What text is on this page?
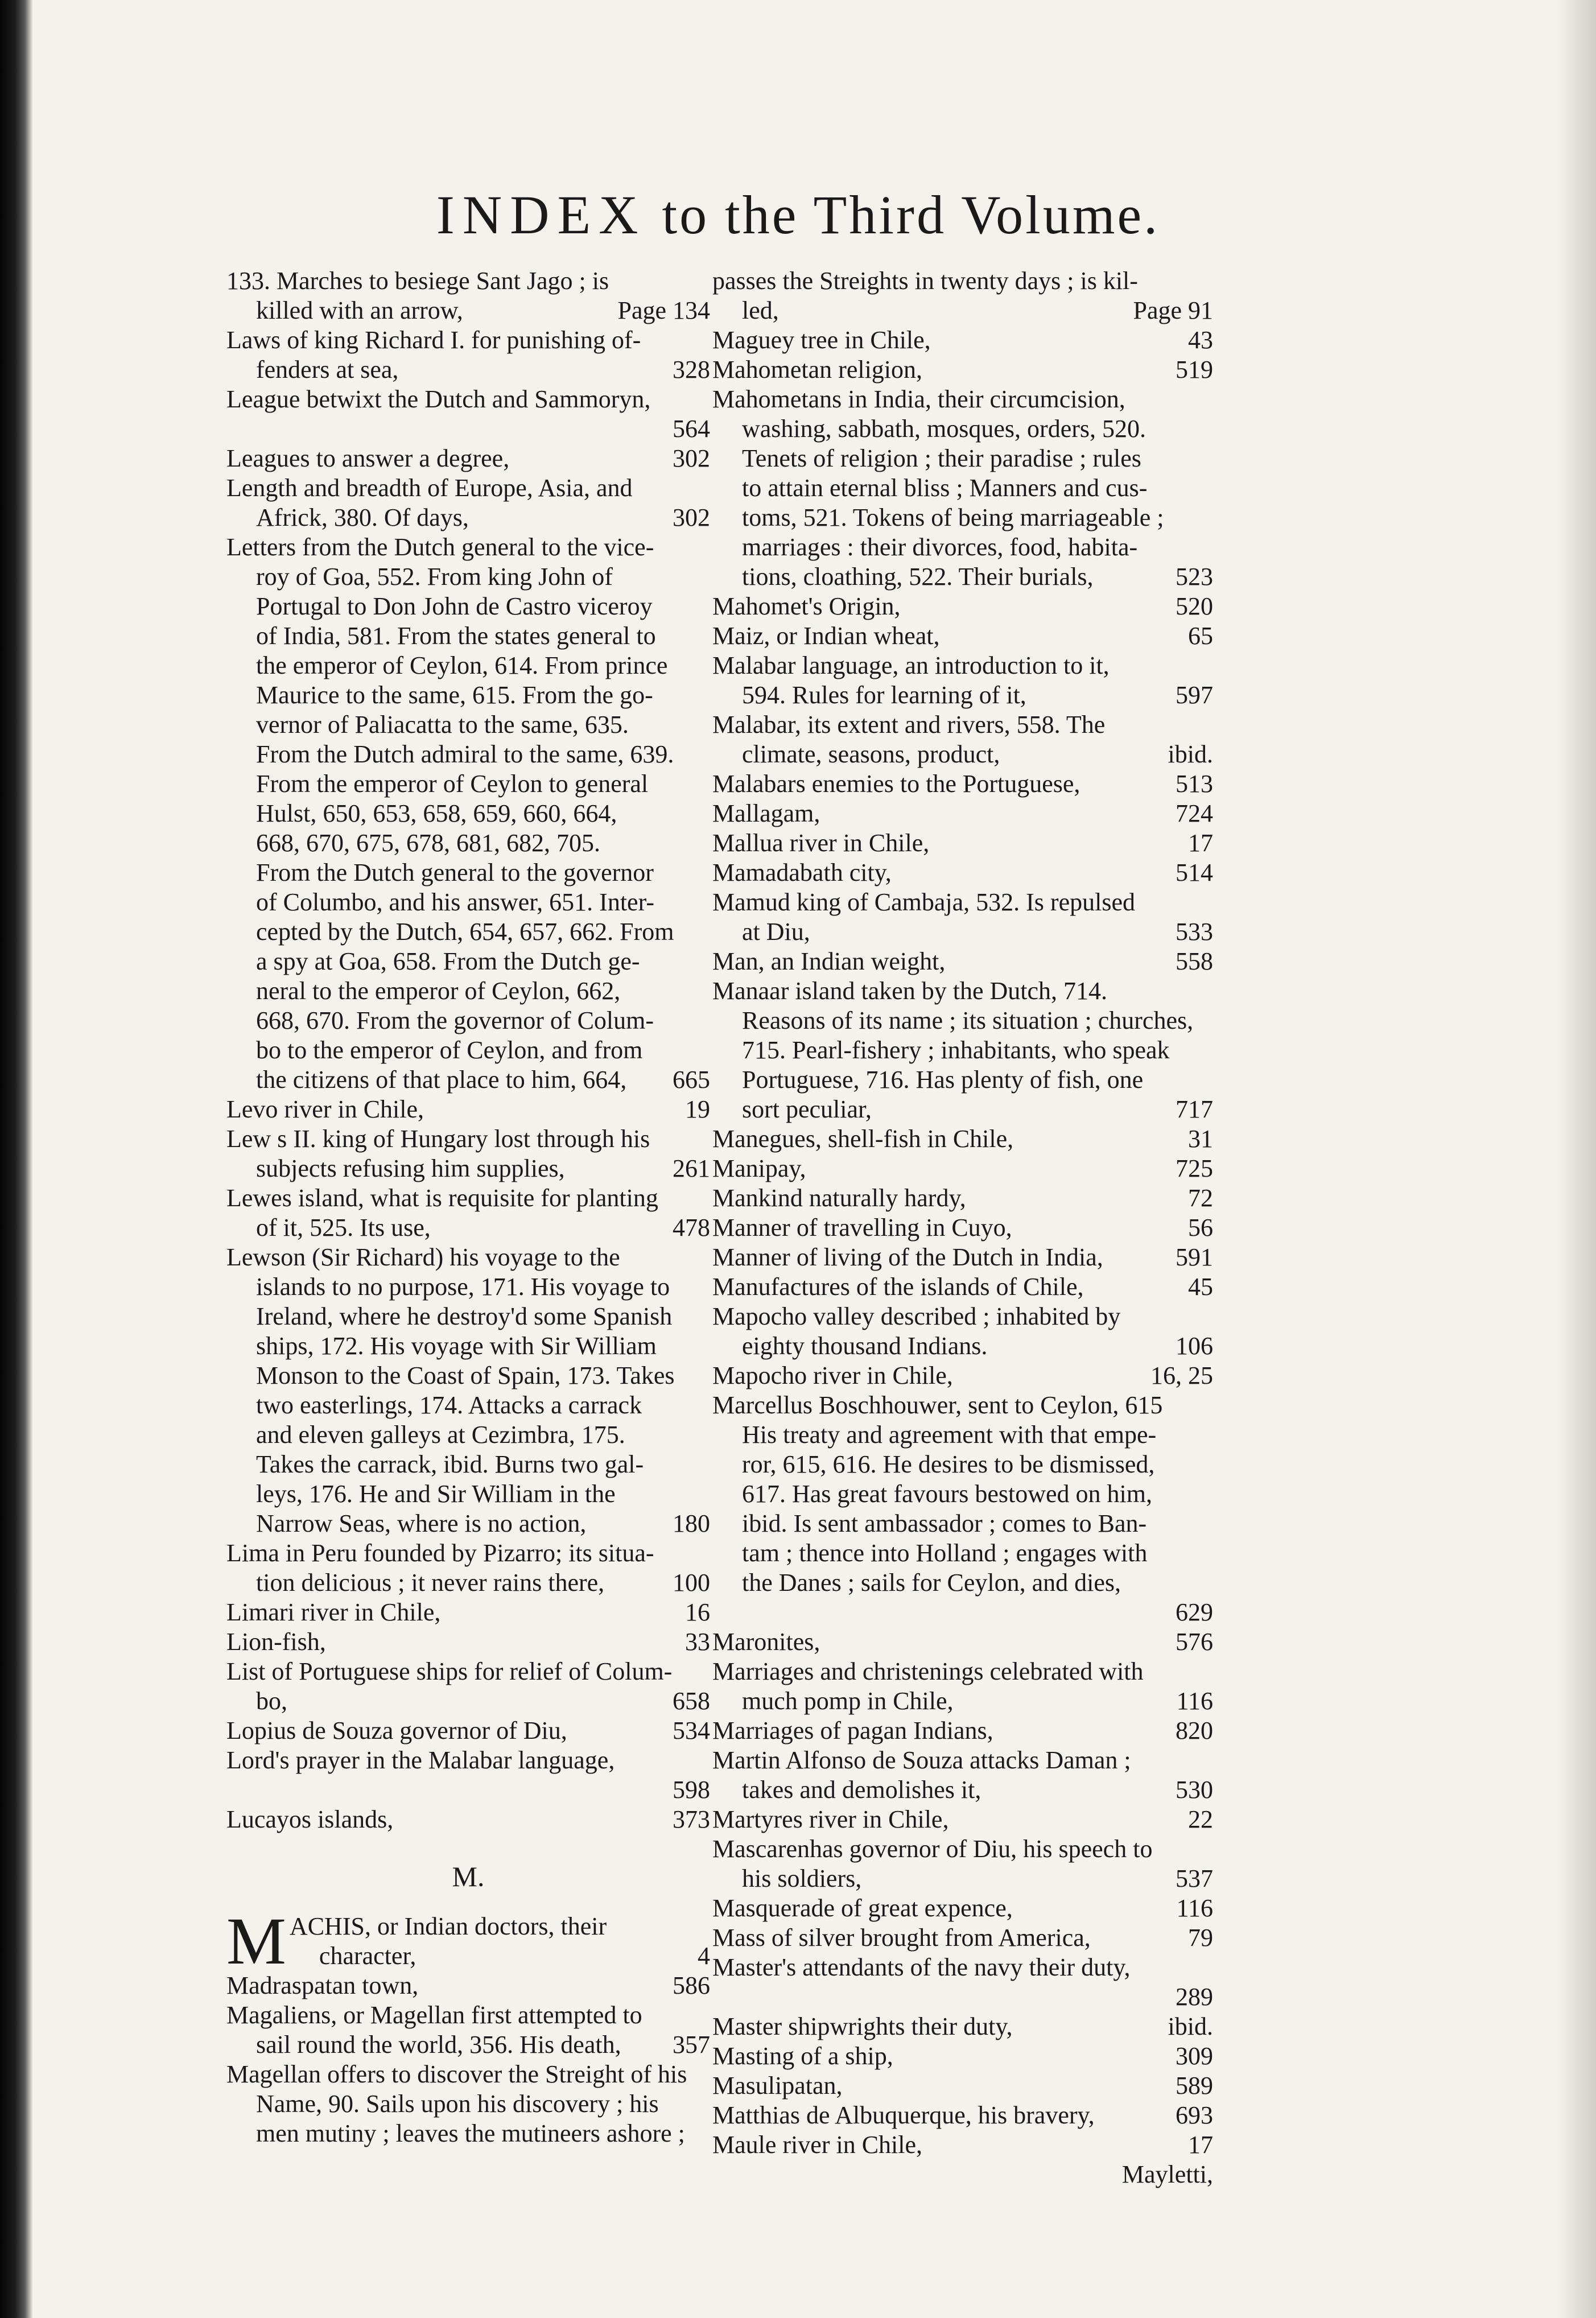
INDEX to the Third Volume.
133. Marches to besiege Sant Jago ; is
killed with an arrow,	Page 134
Laws of king Richard I. for punishing of-
fenders at sea,	328
League betwixt the Dutch and Sammoryn,
564
Leagues to answer a degree,	302
Length and breadth of Europe, Asia, and
Africk, 380. Of days,	302
Letters from the Dutch general to the vice-
roy of Goa, 552. From king John of
Portugal to Don John de Castro viceroy
of India, 581. From the states general to
the emperor of Ceylon, 614. From prince
Maurice to the same, 615. From the go-
vernor of Paliacatta to the same, 635.
From the Dutch admiral to the same, 639.
From the emperor of Ceylon to general
Hulst, 650, 653, 658, 659, 660, 664,
668, 670, 675, 678, 681, 682, 705.
From the Dutch general to the governor
of Columbo, and his answer, 651. Inter-
cepted by the Dutch, 654, 657, 662. From
a spy at Goa, 658. From the Dutch ge-
neral to the emperor of Ceylon, 662,
668, 670. From the governor of Colum-
bo to the emperor of Ceylon, and from
the citizens of that place to him, 664,	665
Levo river in Chile,	19
Lew s II. king of Hungary lost through his
subjects refusing him supplies,	261
Lewes island, what is requisite for planting
of it, 525. Its use,	478
Lewson (Sir Richard) his voyage to the
islands to no purpose, 171. His voyage to
Ireland, where he destroy'd some Spanish
ships, 172. His voyage with Sir William
Monson to the Coast of Spain, 173. Takes
two easterlings, 174. Attacks a carrack
and eleven galleys at Cezimbra, 175.
Takes the carrack, ibid. Burns two gal-
leys, 176. He and Sir William in the
Narrow Seas, where is no action,	180
Lima in Peru founded by Pizarro; its situa-
tion delicious ; it never rains there,	100
Limari river in Chile,	16
Lion-fish,	33
List of Portuguese ships for relief of Colum-
bo,	658
Lopius de Souza governor of Diu,	534
Lord's prayer in the Malabar language,
598
Lucayos islands,	373
M.
M ACHIS, or Indian doctors, their
character,	4
Madraspatan town,	586
Magaliens, or Magellan first attempted to
sail round the world, 356. His death,	357
Magellan offers to discover the Streight of his
Name, 90. Sails upon his discovery ; his
men mutiny ; leaves the mutineers ashore ;
passes the Streights in twenty days ; is kil-
led,	Page 91
Maguey tree in Chile,	43
Mahometan religion,	519
Mahometans in India, their circumcision,
washing, sabbath, mosques, orders, 520.
Tenets of religion ; their paradise ; rules
to attain eternal bliss ; Manners and cus-
toms, 521. Tokens of being marriageable ;
marriages : their divorces, food, habita-
tions, cloathing, 522. Their burials,	523
Mahomet's Origin,	520
Maiz, or Indian wheat,	65
Malabar language, an introduction to it,
594. Rules for learning of it,	597
Malabar, its extent and rivers, 558. The
climate, seasons, product,	ibid.
Malabars enemies to the Portuguese,	513
Mallagam,	724
Mallua river in Chile,	17
Mamadabath city,	514
Mamud king of Cambaja, 532. Is repulsed
at Diu,	533
Man, an Indian weight,	558
Manaar island taken by the Dutch, 714.
Reasons of its name ; its situation ; churches,
715. Pearl-fishery ; inhabitants, who speak
Portuguese, 716. Has plenty of fish, one
sort peculiar,	717
Manegues, shell-fish in Chile,	31
Manipay,	725
Mankind naturally hardy,	72
Manner of travelling in Cuyo,	56
Manner of living of the Dutch in India,	591
Manufactures of the islands of Chile,	45
Mapocho valley described ; inhabited by
eighty thousand Indians.	106
Mapocho river in Chile,	16, 25
Marcellus Boschhouwer, sent to Ceylon, 615
His treaty and agreement with that empe-
ror, 615, 616. He desires to be dismissed,
617. Has great favours bestowed on him,
ibid. Is sent ambassador ; comes to Ban-
tam ; thence into Holland ; engages with
the Danes ; sails for Ceylon, and dies,
629
Maronites,	576
Marriages and christenings celebrated with
much pomp in Chile,	116
Marriages of pagan Indians,	820
Martin Alfonso de Souza attacks Daman ;
takes and demolishes it,	530
Martyres river in Chile,	22
Mascarenhas governor of Diu, his speech to
his soldiers,	537
Masquerade of great expence,	116
Mass of silver brought from America,	79
Master's attendants of the navy their duty,
289
Master shipwrights their duty,	ibid.
Masting of a ship,	309
Masulipatan,	589
Matthias de Albuquerque, his bravery,	693
Maule river in Chile,	17
Mayletti,
